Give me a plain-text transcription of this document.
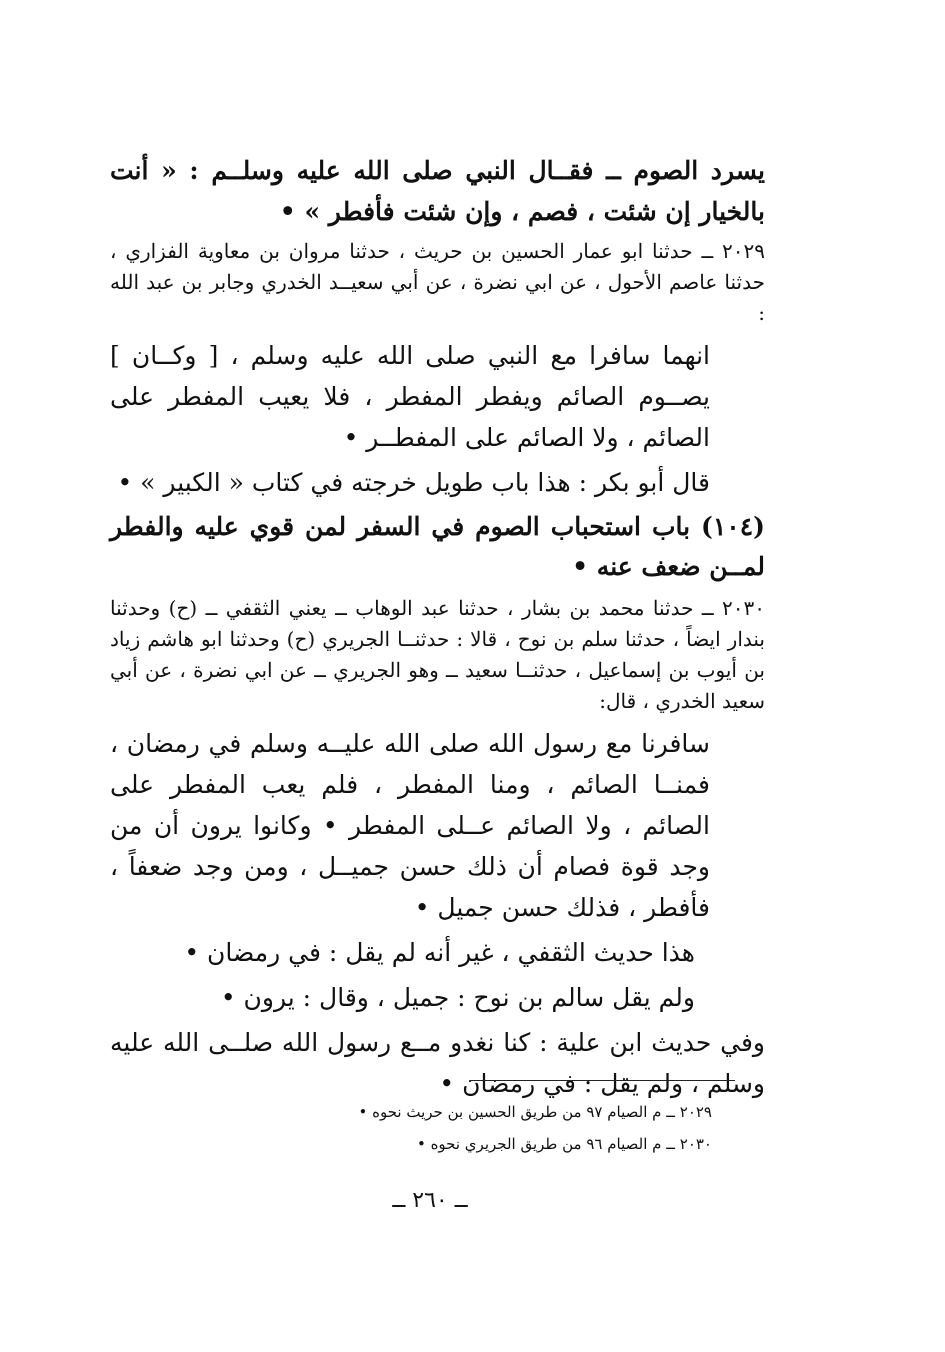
يسرد الصوم ــ فقــال النبي صلى الله عليه وسلــم : « أنت بالخيار إن شئت ، فصم ، وإن شئت فأفطر » •

٢٠٢٩ ــ حدثنا ابو عمار الحسين بن حريث ، حدثنا مروان بن معاوية الفزاري ، حدثنا عاصم الأحول ، عن ابي نضرة ، عن أبي سعيــد الخدري وجابر بن عبد الله :

انهما سافرا مع النبي صلى الله عليه وسلم ، [ وكــان ] يصــوم الصائم ويفطر المفطر ، فلا يعيب المفطر على الصائم ، ولا الصائم على المفطــر •

قال أبو بكر : هذا باب طويل خرجته في كتاب « الكبير » •

(١٠٤) باب استحباب الصوم في السفر لمن قوي عليه والفطر لمــن ضعف عنه •

٢٠٣٠ ــ حدثنا محمد بن بشار ، حدثنا عبد الوهاب ــ يعني الثقفي ــ (ح) وحدثنا بندار ايضاً ، حدثنا سلم بن نوح ، قالا : حدثنــا الجريري (ح) وحدثنا ابو هاشم زياد بن أيوب بن إسماعيل ، حدثنــا سعيد ــ وهو الجريري ــ عن ابي نضرة ، عن أبي سعيد الخدري ، قال:

سافرنا مع رسول الله صلى الله عليــه وسلم في رمضان ، فمنــا الصائم ، ومنا المفطر ، فلم يعب المفطر على الصائم ، ولا الصائم عــلى المفطر • وكانوا يرون أن من وجد قوة فصام أن ذلك حسن جميــل ، ومن وجد ضعفاً ، فأفطر ، فذلك حسن جميل •

هذا حديث الثقفي ، غير أنه لم يقل : في رمضان •

ولم يقل سالم بن نوح : جميل ، وقال : يرون •

وفي حديث ابن علية : كنا نغدو مــع رسول الله صلــى الله عليه وسلم ، ولم يقل : في رمضان •

٢٠٢٩ ــ م الصيام ٩٧ من طريق الحسين بن حريث نحوه •
٢٠٣٠ ــ م الصيام ٩٦ من طريق الجريري نحوه •
ــ ٢٦٠ ــ
